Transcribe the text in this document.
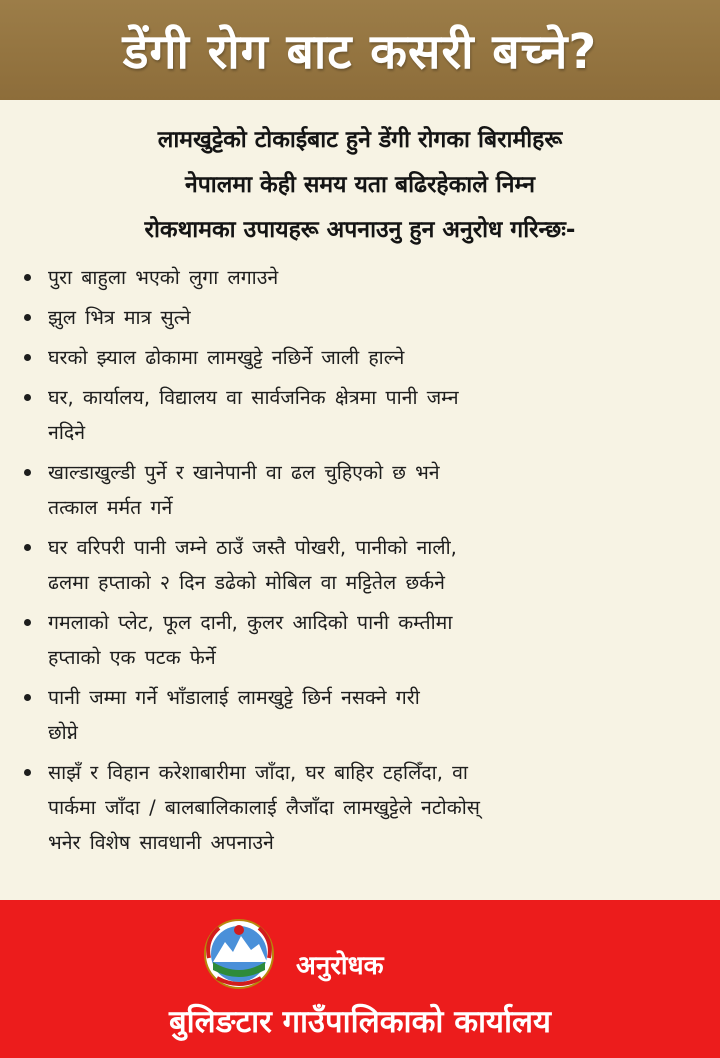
डेंगी रोग बाट कसरी बच्ने?
लामखुट्टेको टोकाईबाट हुने डेंगी रोगका बिरामीहरू
नेपालमा केही समय यता बढिरहेकाले निम्न
रोकथामका उपायहरू अपनाउनु हुन अनुरोध गरिन्छः-
पुरा बाहुला भएको लुगा लगाउने
झुल भित्र मात्र सुत्ने
घरको झ्याल ढोकामा लामखुट्टे नछिर्ने जाली हाल्ने
घर, कार्यालय, विद्यालय वा सार्वजनिक क्षेत्रमा पानी जम्न
नदिने
खाल्डाखुल्डी पुर्ने र खानेपानी वा ढल चुहिएको छ भने
तत्काल मर्मत गर्ने
घर वरिपरी पानी जम्ने ठाउँ जस्तै पोखरी, पानीको नाली,
ढलमा हप्ताको २ दिन डढेको मोबिल वा मट्टितेल छर्कने
गमलाको प्लेट, फूल दानी, कुलर आदिको पानी कम्तीमा
हप्ताको एक पटक फेर्ने
पानी जम्मा गर्ने भाँडालाई लामखुट्टे छिर्न नसक्ने गरी
छोप्ने
साझँ र विहान करेशाबारीमा जाँदा, घर बाहिर टहलिँदा, वा
पार्कमा जाँदा / बालबालिकालाई लैजाँदा लामखुट्टेले नटोकोस्
भनेर विशेष सावधानी अपनाउने
अनुरोधक
बुलिङटार गाउँपालिकाको कार्यालय
